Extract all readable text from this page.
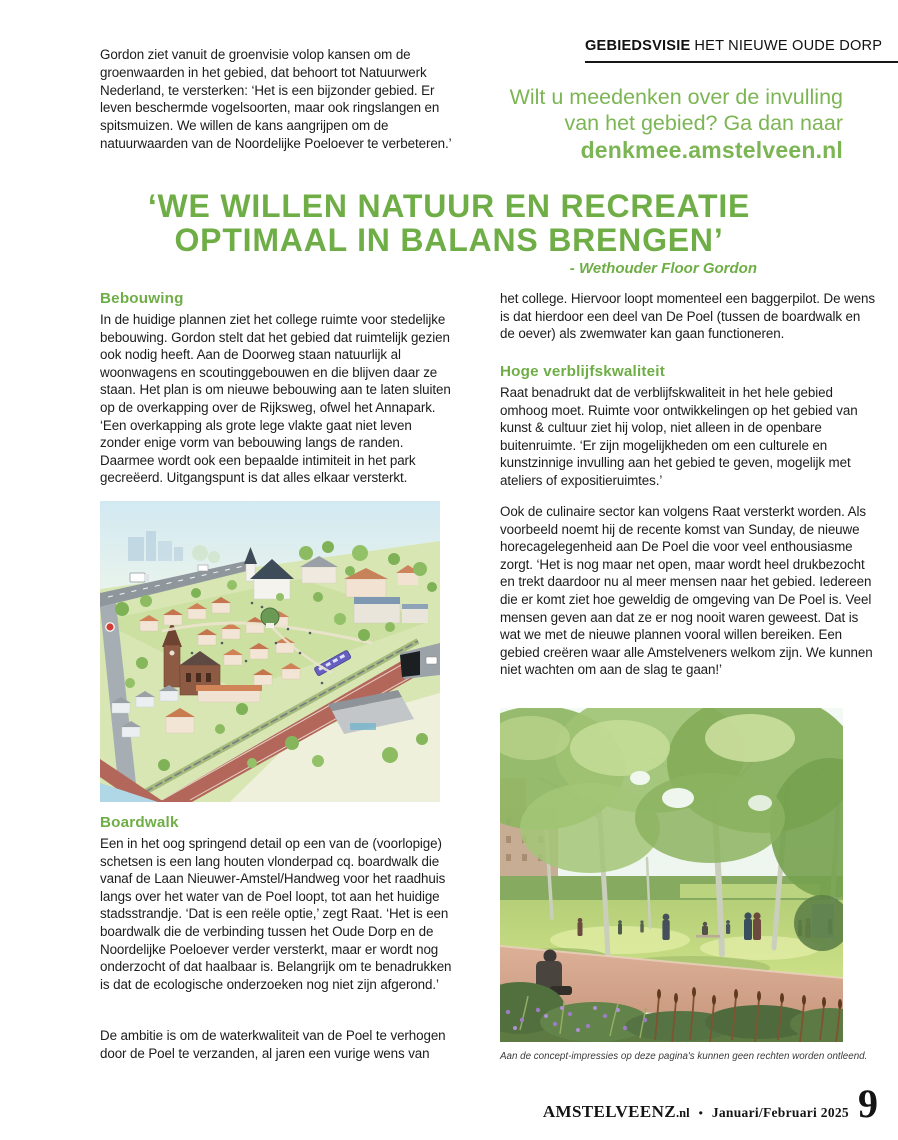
Gordon ziet vanuit de groenvisie volop kansen om de groenwaarden in het gebied, dat behoort tot Natuurwerk Nederland, te versterken: ‘Het is een bijzonder gebied. Er leven beschermde vogelsoorten, maar ook ringslangen en spitsmuizen. We willen de kans aangrijpen om de natuurwaarden van de Noordelijke Poeloever te verbeteren.’

GEBIEDSVISIE HET NIEUWE OUDE DORP
Wilt u meedenken over de invulling
van het gebied? Ga dan naar
denkmee.amstelveen.nl
‘WE WILLEN NATUUR EN RECREATIE
OPTIMAAL IN BALANS BRENGEN’
- Wethouder Floor Gordon
Bebouwing

In de huidige plannen ziet het college ruimte voor stedelijke bebouwing. Gordon stelt dat het gebied dat ruimtelijk gezien ook nodig heeft. Aan de Doorweg staan natuurlijk al woonwagens en scoutinggebouwen en die blijven daar ze staan. Het plan is om nieuwe bebouwing aan te laten sluiten op de overkapping over de Rijksweg, ofwel het Annapark. ‘Een overkapping als grote lege vlakte gaat niet leven zonder enige vorm van bebouwing langs de randen. Daarmee wordt ook een bepaalde intimiteit in het park gecreëerd. Uitgangspunt is dat alles elkaar versterkt.

Boardwalk

Een in het oog springend detail op een van de (voorlopige) schetsen is een lang houten vlonderpad cq. boardwalk die vanaf de Laan Nieuwer-Amstel/Handweg voor het raadhuis langs over het water van de Poel loopt, tot aan het huidige stadsstrandje. ‘Dat is een reële optie,’ zegt Raat. ‘Het is een boardwalk die de verbinding tussen het Oude Dorp en de Noordelijke Poeloever verder versterkt, maar er wordt nog onderzocht of dat haalbaar is. Belangrijk om te benadrukken is dat de ecologische onderzoeken nog niet zijn afgerond.’

De ambitie is om de waterkwaliteit van de Poel te verhogen door de Poel te verzanden, al jaren een vurige wens van

het college. Hiervoor loopt momenteel een baggerpilot. De wens is dat hierdoor een deel van De Poel (tussen de boardwalk en de oever) als zwemwater kan gaan functioneren.

Hoge verblijfskwaliteit

Raat benadrukt dat de verblijfskwaliteit in het hele gebied omhoog moet. Ruimte voor ontwikkelingen op het gebied van kunst & cultuur ziet hij volop, niet alleen in de openbare buitenruimte. ‘Er zijn mogelijkheden om een culturele en kunstzinnige invulling aan het gebied te geven, mogelijk met ateliers of expositieruimtes.’

Ook de culinaire sector kan volgens Raat versterkt worden. Als voorbeeld noemt hij de recente komst van Sunday, de nieuwe horecagelegenheid aan De Poel die voor veel enthousiasme zorgt. ‘Het is nog maar net open, maar wordt heel drukbezocht en trekt daardoor nu al meer mensen naar het gebied. Iedereen die er komt ziet hoe geweldig de omgeving van De Poel is. Veel mensen geven aan dat ze er nog nooit waren geweest. Dat is wat we met de nieuwe plannen vooral willen bereiken. Een gebied creëren waar alle Amstelveners welkom zijn. We kunnen niet wachten om aan de slag te gaan!’

Aan de concept-impressies op deze pagina's kunnen geen rechten worden ontleend.
AMSTELVEENZ.nl • Januari/Februari 2025 9
